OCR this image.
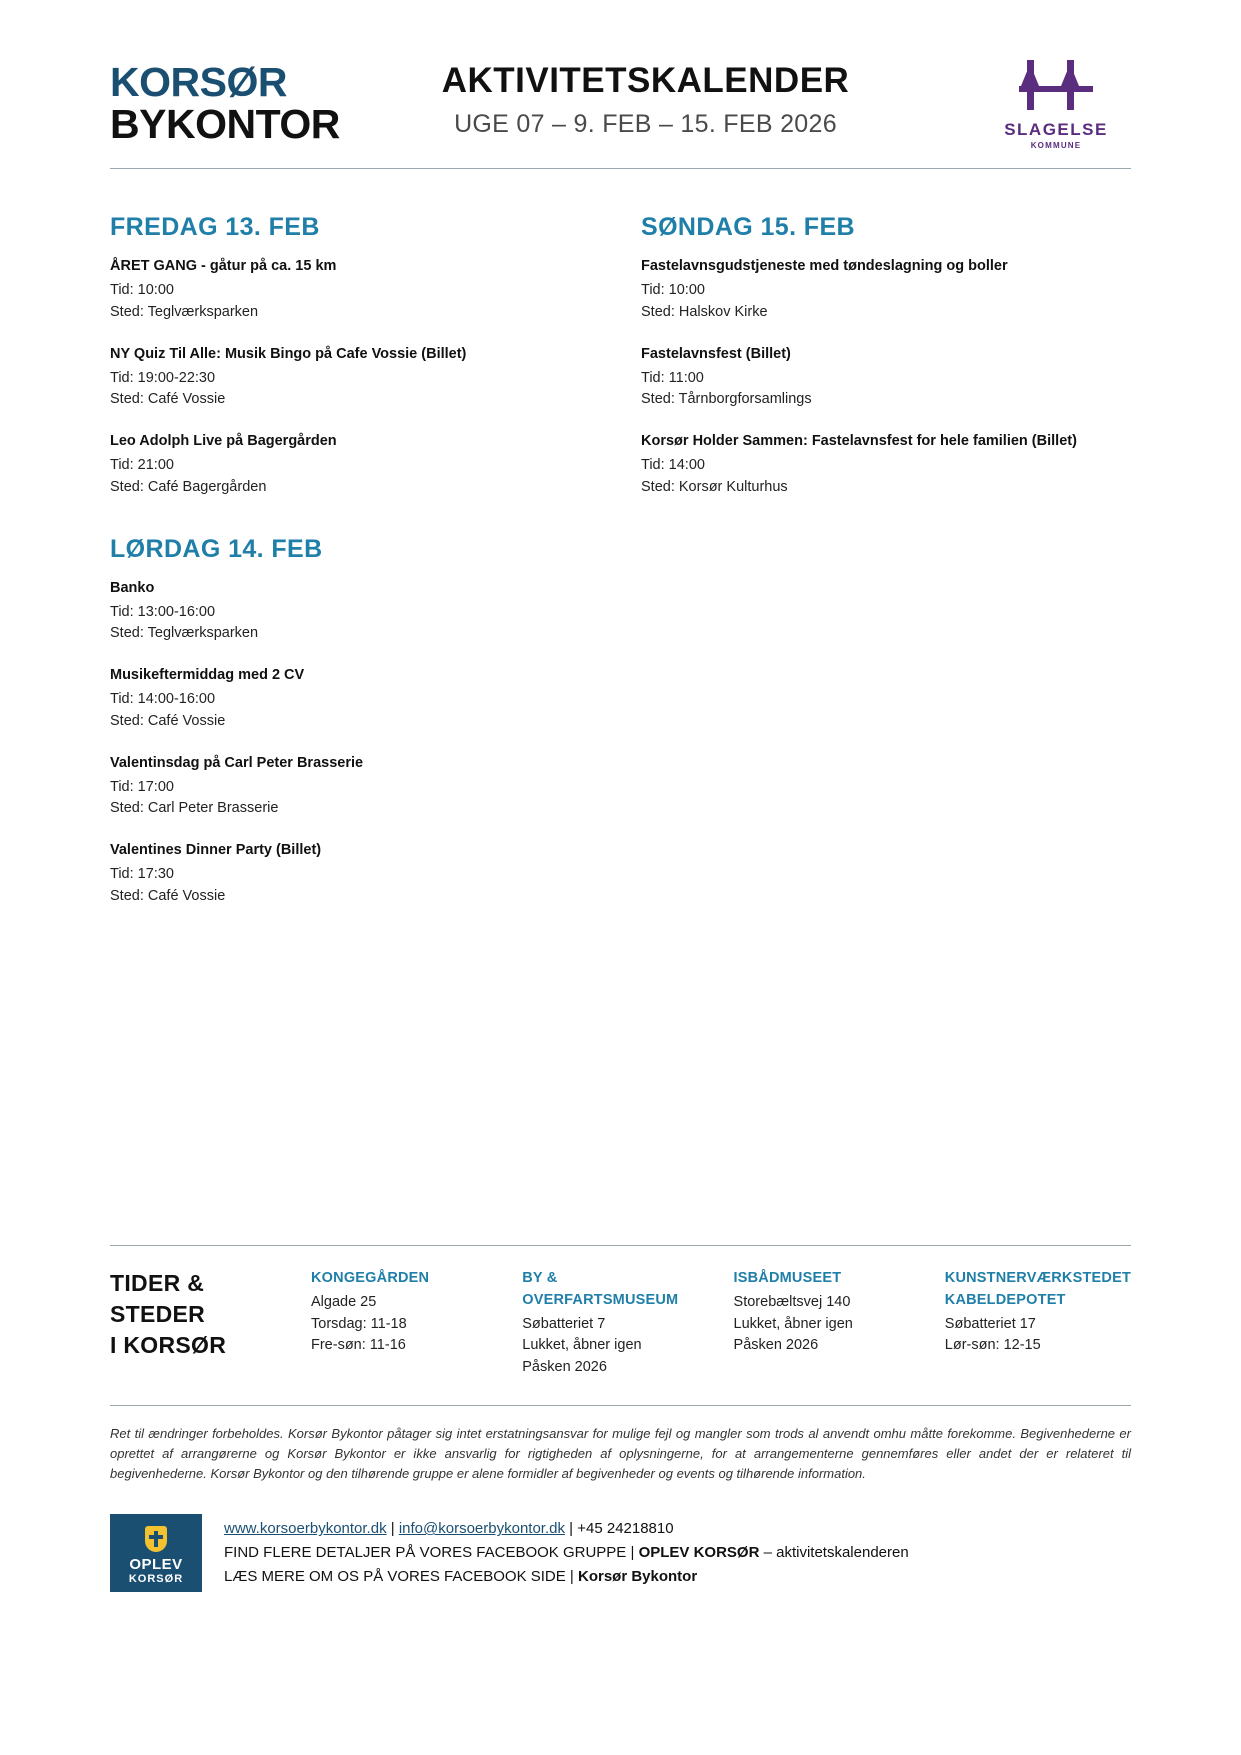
KORSØR
BYKONTOR
AKTIVITETSKALENDER
UGE 07 – 9. FEB – 15. FEB 2026	SLAGELSE
KOMMUNE
FREDAG 13. FEB
ÅRET GANG - gåtur på ca. 15 km
Tid: 10:00
Sted: Teglværksparken
NY Quiz Til Alle: Musik Bingo på Cafe Vossie (Billet)
Tid: 19:00-22:30
Sted: Café Vossie
Leo Adolph Live på Bagergården
Tid: 21:00
Sted: Café Bagergården
LØRDAG 14. FEB
Banko
Tid: 13:00-16:00
Sted: Teglværksparken
Musikeftermiddag med 2 CV
Tid: 14:00-16:00
Sted: Café Vossie
Valentinsdag på Carl Peter Brasserie
Tid: 17:00
Sted: Carl Peter Brasserie
Valentines Dinner Party (Billet)
Tid: 17:30
Sted: Café Vossie
SØNDAG 15. FEB
Fastelavnsgudstjeneste med tøndeslagning og boller
Tid: 10:00
Sted: Halskov Kirke
Fastelavnsfest (Billet)
Tid: 11:00
Sted: Tårnborgforsamlings
Korsør Holder Sammen: Fastelavnsfest for hele familien (Billet)
Tid: 14:00
Sted: Korsør Kulturhus
TIDER &
STEDER
I KORSØR
KONGEGÅRDEN
Algade 25
Torsdag: 11-18
Fre-søn: 11-16
BY & OVERFARTSMUSEUM
Søbatteriet 7
Lukket, åbner igen
Påsken 2026
ISBÅDMUSEET
Storebæltsvej 140
Lukket, åbner igen
Påsken 2026
KUNSTNERVÆRKSTEDET KABELDEPOTET
Søbatteriet 17
Lør-søn: 12-15
Ret til ændringer forbeholdes. Korsør Bykontor påtager sig intet erstatningsansvar for mulige fejl og mangler som trods al anvendt omhu måtte forekomme. Begivenhederne er oprettet af arrangørerne og Korsør Bykontor er ikke ansvarlig for rigtigheden af oplysningerne, for at arrangementerne gennemføres eller andet der er relateret til begivenhederne. Korsør Bykontor og den tilhørende gruppe er alene formidler af begivenheder og events og tilhørende information.
OPLEV
KORSØR
www.korsoerbykontor.dk | info@korsoerbykontor.dk | +45 24218810
FIND FLERE DETALJER PÅ VORES FACEBOOK GRUPPE | OPLEV KORSØR – aktivitetskalenderen
LÆS MERE OM OS PÅ VORES FACEBOOK SIDE | Korsør Bykontor
